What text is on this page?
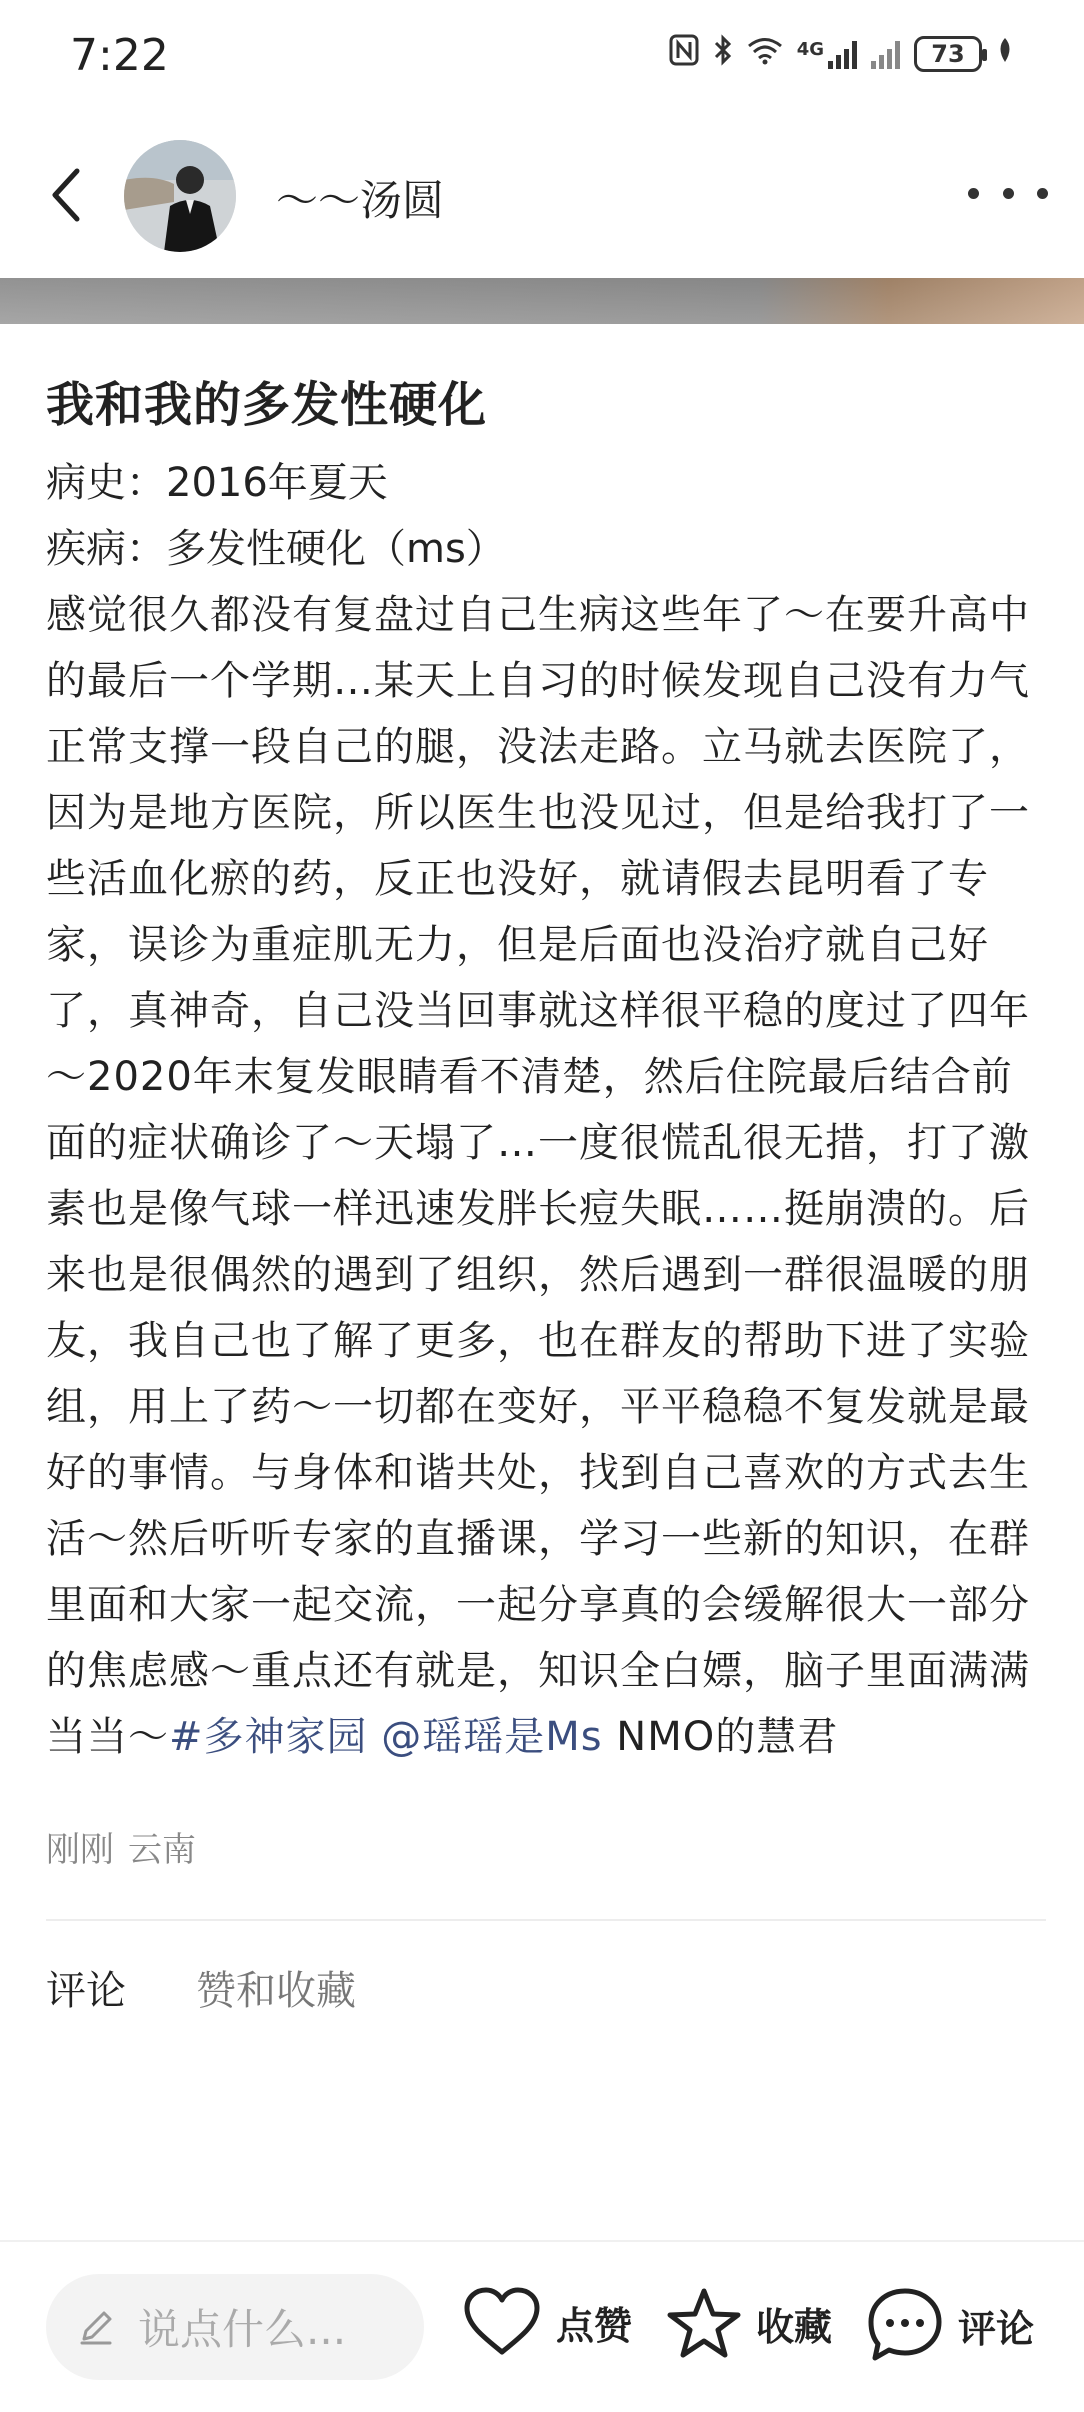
7:22	4G	73
～～汤圆
我和我的多发性硬化
病史：2016年夏天
疾病：多发性硬化（ms）
感觉很久都没有复盘过自己生病这些年了～在要升高中的最后一个学期…某天上自习的时候发现自己没有力气正常支撑一段自己的腿，没法走路。立马就去医院了，因为是地方医院，所以医生也没见过，但是给我打了一些活血化瘀的药，反正也没好，就请假去昆明看了专家，误诊为重症肌无力，但是后面也没治疗就自己好了，真神奇，自己没当回事就这样很平稳的度过了四年～2020年末复发眼睛看不清楚，然后住院最后结合前面的症状确诊了～天塌了…一度很慌乱很无措，打了激素也是像气球一样迅速发胖长痘失眠……挺崩溃的。后来也是很偶然的遇到了组织，然后遇到一群很温暖的朋友，我自己也了解了更多，也在群友的帮助下进了实验组，用上了药～一切都在变好，平平稳稳不复发就是最好的事情。与身体和谐共处，找到自己喜欢的方式去生活～然后听听专家的直播课，学习一些新的知识，在群里面和大家一起交流，一起分享真的会缓解很大一部分的焦虑感～重点还有就是，知识全白嫖，脑子里面满满当当～#多神家园 @瑶瑶是Ms NMO的慧君
刚刚 云南
评论 赞和收藏
说点什么...	点赞	收藏	评论
